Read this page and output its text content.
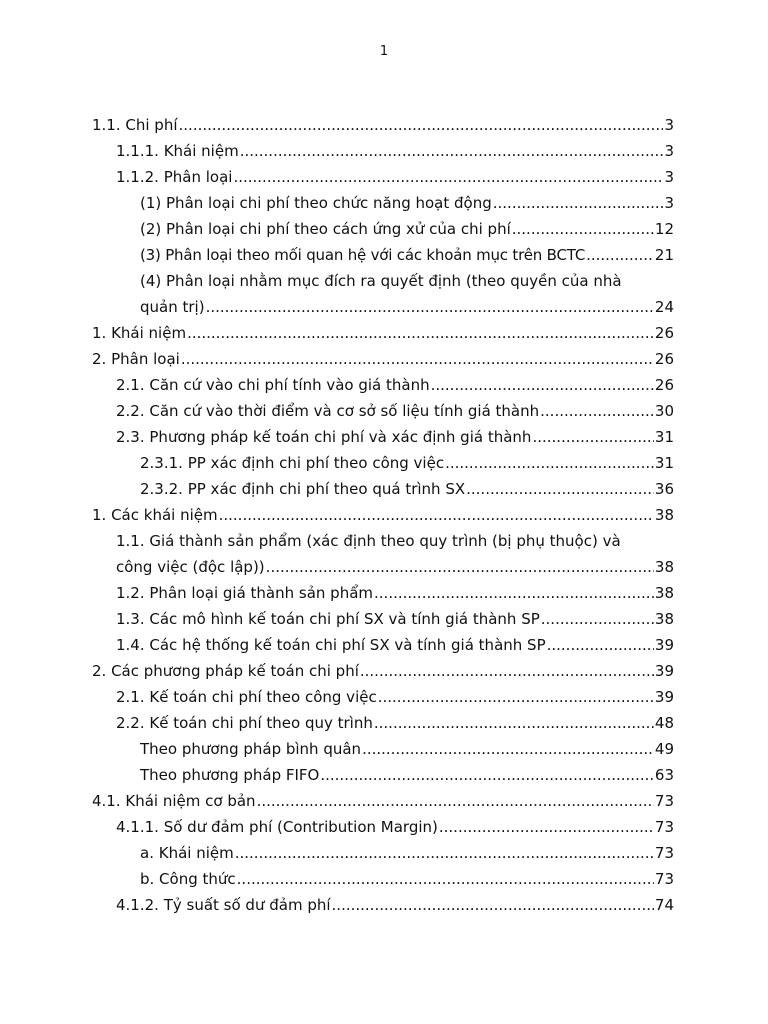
1
1.1. Chi phí .....	3
1.1.1. Khái niệm .....	3
1.1.2. Phân loại .....	3
(1) Phân loại chi phí theo chức năng hoạt động .....	3
(2) Phân loại chi phí theo cách ứng xử của chi phí .....	12
(3) Phân loại theo mối quan hệ với các khoản mục trên BCTC .....	21
(4) Phân loại nhằm mục đích ra quyết định (theo quyền của nhà
quản trị) .....	24
1. Khái niệm .....	26
2. Phân loại .....	26
2.1. Căn cứ vào chi phí tính vào giá thành .....	26
2.2. Căn cứ vào thời điểm và cơ sở số liệu tính giá thành .....	30
2.3. Phương pháp kế toán chi phí và xác định giá thành .....	31
2.3.1. PP xác định chi phí theo công việc .....	31
2.3.2. PP xác định chi phí theo quá trình SX .....	36
1. Các khái niệm .....	38
1.1. Giá thành sản phẩm (xác định theo quy trình (bị phụ thuộc) và
công việc (độc lập)) .....	38
1.2. Phân loại giá thành sản phẩm .....	38
1.3. Các mô hình kế toán chi phí SX và tính giá thành SP .....	38
1.4. Các hệ thống kế toán chi phí SX và tính giá thành SP .....	39
2. Các phương pháp kế toán chi phí .....	39
2.1. Kế toán chi phí theo công việc .....	39
2.2. Kế toán chi phí theo quy trình .....	48
Theo phương pháp bình quân .....	49
Theo phương pháp FIFO .....	63
4.1. Khái niệm cơ bản .....	73
4.1.1. Số dư đảm phí (Contribution Margin) .....	73
a. Khái niệm .....	73
b. Công thức .....	73
4.1.2. Tỷ suất số dư đảm phí .....	74
